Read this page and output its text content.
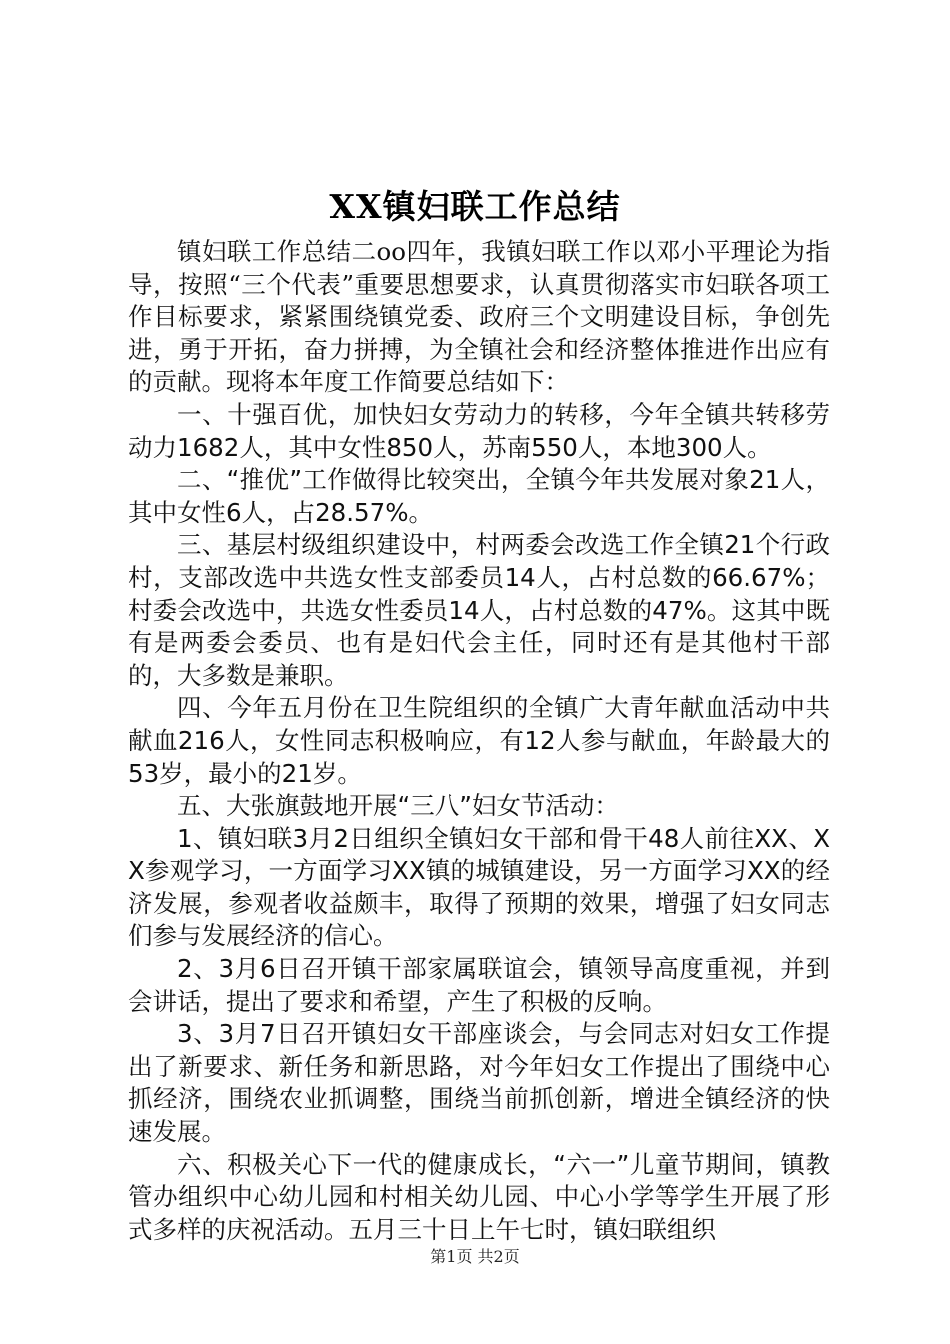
XX镇妇联工作总结

镇妇联工作总结二oo四年，我镇妇联工作以邓小平理论为指导，按照“三个代表”重要思想要求，认真贯彻落实市妇联各项工作目标要求，紧紧围绕镇党委、政府三个文明建设目标，争创先进，勇于开拓，奋力拼搏，为全镇社会和经济整体推进作出应有的贡献。现将本年度工作简要总结如下：

一、十强百优，加快妇女劳动力的转移，今年全镇共转移劳动力1682人，其中女性850人，苏南550人，本地300人。

二、“推优”工作做得比较突出，全镇今年共发展对象21人，其中女性6人，占28.57%。

三、基层村级组织建设中，村两委会改选工作全镇21个行政村，支部改选中共选女性支部委员14人，占村总数的66.67%；村委会改选中，共选女性委员14人，占村总数的47%。这其中既有是两委会委员、也有是妇代会主任，同时还有是其他村干部的，大多数是兼职。

四、今年五月份在卫生院组织的全镇广大青年献血活动中共献血216人，女性同志积极响应，有12人参与献血，年龄最大的53岁，最小的21岁。

五、大张旗鼓地开展“三八”妇女节活动：

1、镇妇联3月2日组织全镇妇女干部和骨干48人前往XX、XX参观学习，一方面学习XX镇的城镇建设，另一方面学习XX的经济发展，参观者收益颇丰，取得了预期的效果，增强了妇女同志们参与发展经济的信心。

2、3月6日召开镇干部家属联谊会，镇领导高度重视，并到会讲话，提出了要求和希望，产生了积极的反响。

3、3月7日召开镇妇女干部座谈会，与会同志对妇女工作提出了新要求、新任务和新思路，对今年妇女工作提出了围绕中心抓经济，围绕农业抓调整，围绕当前抓创新，增进全镇经济的快速发展。

六、积极关心下一代的健康成长，“六一”儿童节期间，镇教管办组织中心幼儿园和村相关幼儿园、中心小学等学生开展了形式多样的庆祝活动。五月三十日上午七时，镇妇联组织

第1页 共2页
